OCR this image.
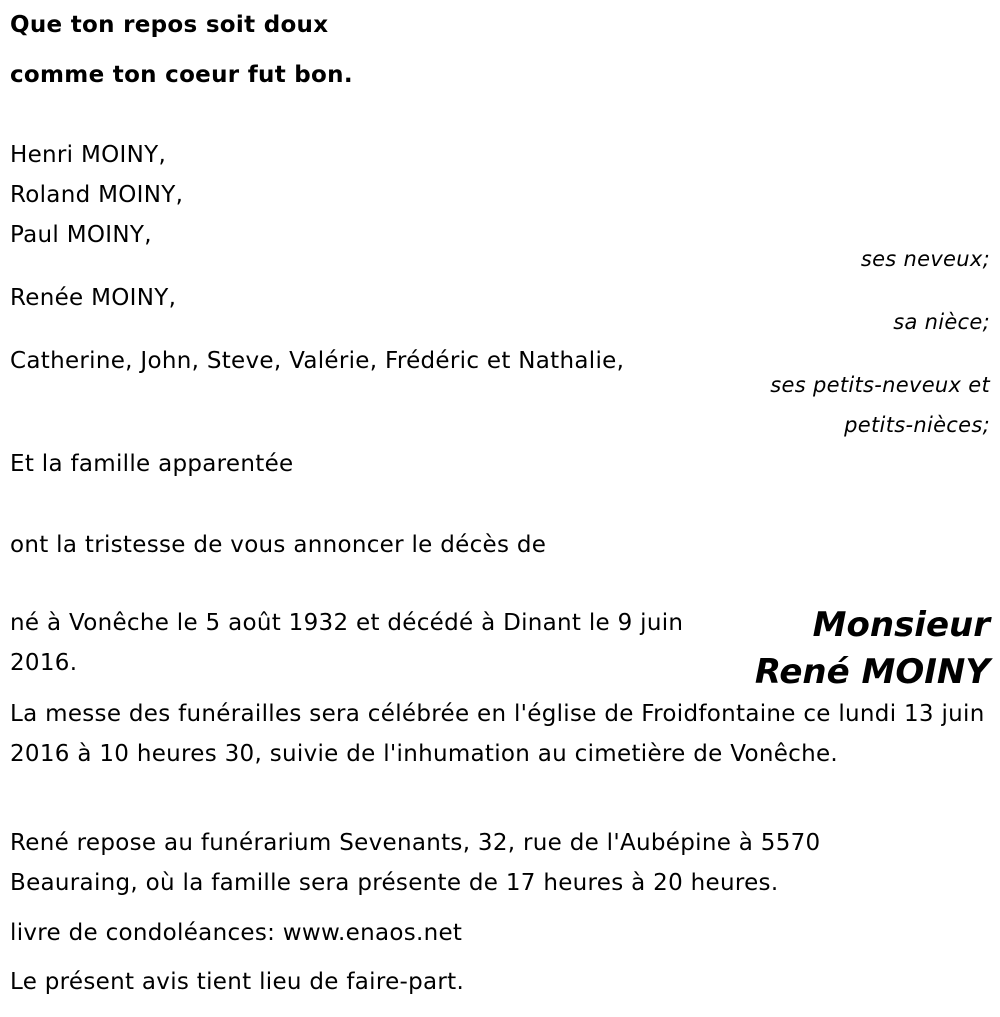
Que ton repos soit doux
comme ton coeur fut bon.
Henri MOINY,
Roland MOINY,
Paul MOINY,
ses neveux;
Renée MOINY,
sa nièce;
Catherine, John, Steve, Valérie, Frédéric et Nathalie,
ses petits-neveux et
petits-nièces;
Et la famille apparentée
ont la tristesse de vous annoncer le décès de
Monsieur
René MOINY
né à Vonêche le 5 août 1932 et décédé à Dinant le 9 juin 2016.
La messe des funérailles sera célébrée en l'église de Froidfontaine ce lundi 13 juin 2016 à 10 heures 30, suivie de l'inhumation au cimetière de Vonêche.
René repose au funérarium Sevenants, 32, rue de l'Aubépine à 5570 Beauraing, où la famille sera présente de 17 heures à 20 heures.
livre de condoléances: www.enaos.net
Le présent avis tient lieu de faire-part.
